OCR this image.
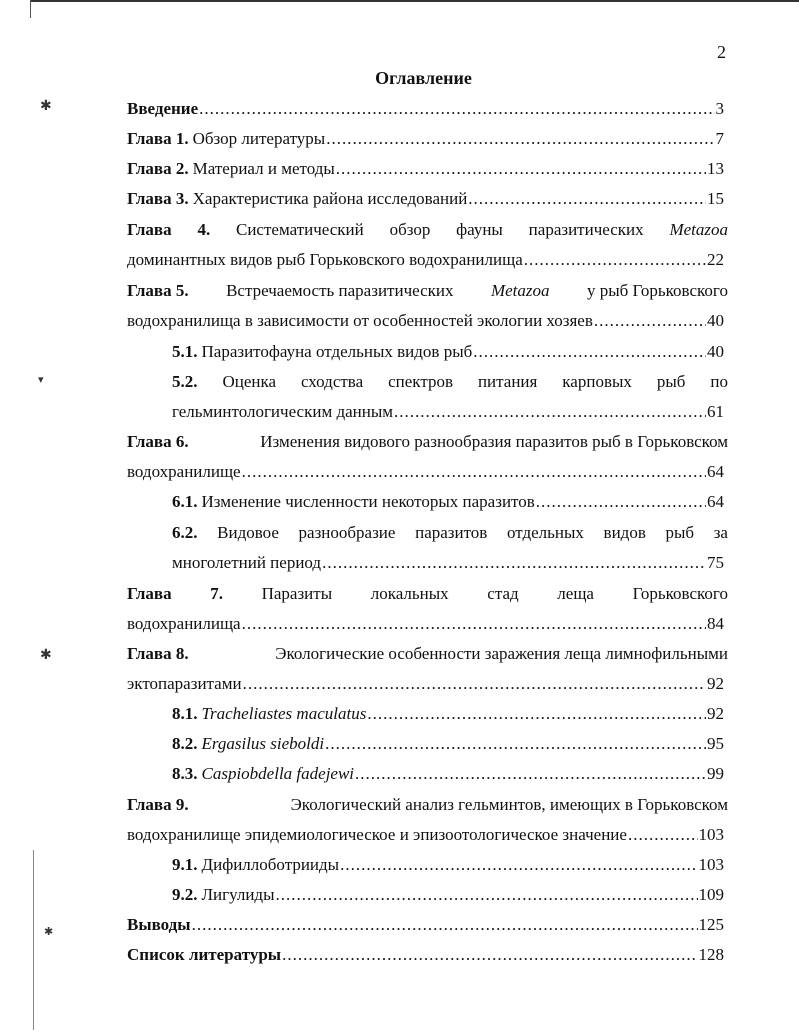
✱
▾
✱
✱
2
Оглавление
Введение .....	3
Глава 1. Обзор литературы .....	7
Глава 2. Материал и методы .....	13
Глава 3. Характеристика района исследований .....	15
Глава 4. Систематический обзор фауны паразитических Metazoa
доминантных видов рыб Горьковского водохранилища .....	22
Глава 5. Встречаемость паразитических Metazoa у рыб Горьковского
водохранилища в зависимости от особенностей экологии хозяев .....	40
5.1. Паразитофауна отдельных видов рыб .....	40
5.2. Оценка сходства спектров питания карповых рыб по
гельминтологическим данным .....	61
Глава 6.	Изменения видового разнообразия паразитов рыб в Горьковском
водохранилище .....	64
6.1. Изменение численности некоторых паразитов .....	64
6.2. Видовое разнообразие паразитов отдельных видов рыб за
многолетний период .....	75
Глава 7. Паразиты локальных стад леща Горьковского
водохранилища .....	84
Глава 8.	Экологические особенности заражения леща лимнофильными
эктопаразитами .....	92
8.1. Tracheliastes maculatus .....	92
8.2. Ergasilus sieboldi .....	95
8.3. Caspiobdella fadejewi .....	99
Глава 9.	Экологический анализ гельминтов, имеющих в Горьковском
водохранилище эпидемиологическое и эпизоотологическое значение .....	103
9.1. Дифиллоботрииды .....	103
9.2. Лигулиды .....	109
Выводы .....	125
Список литературы .....	128
